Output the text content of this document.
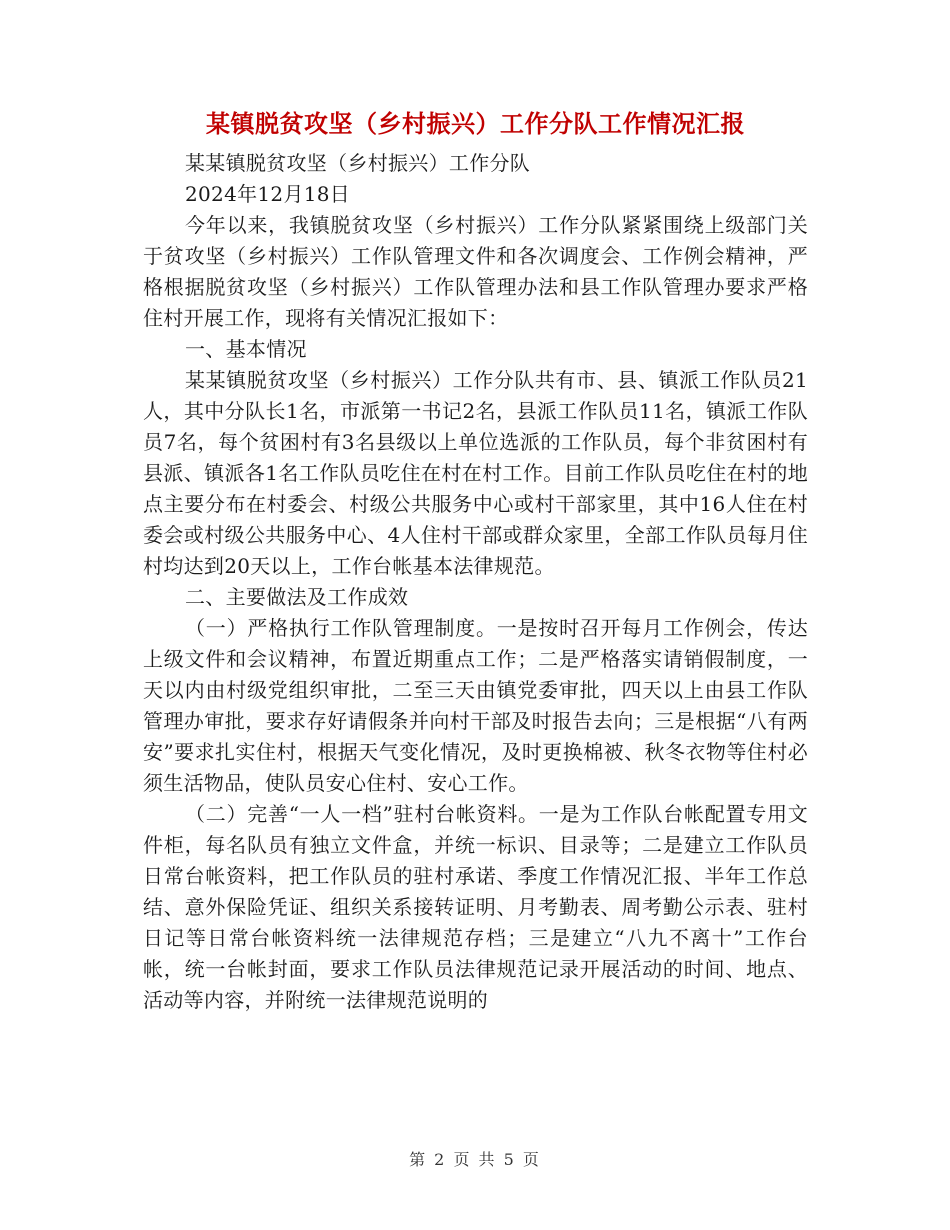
某镇脱贫攻坚（乡村振兴）工作分队工作情况汇报

某某镇脱贫攻坚（乡村振兴）工作分队

2024年12月18日

今年以来，我镇脱贫攻坚（乡村振兴）工作分队紧紧围绕上级部门关于贫攻坚（乡村振兴）工作队管理文件和各次调度会、工作例会精神，严格根据脱贫攻坚（乡村振兴）工作队管理办法和县工作队管理办要求严格住村开展工作，现将有关情况汇报如下：

一、基本情况

某某镇脱贫攻坚（乡村振兴）工作分队共有市、县、镇派工作队员21人，其中分队长1名，市派第一书记2名，县派工作队员11名，镇派工作队员7名，每个贫困村有3名县级以上单位选派的工作队员，每个非贫困村有县派、镇派各1名工作队员吃住在村在村工作。目前工作队员吃住在村的地点主要分布在村委会、村级公共服务中心或村干部家里，其中16人住在村委会或村级公共服务中心、4人住村干部或群众家里，全部工作队员每月住村均达到20天以上，工作台帐基本法律规范。

二、主要做法及工作成效

（一）严格执行工作队管理制度。一是按时召开每月工作例会，传达上级文件和会议精神，布置近期重点工作；二是严格落实请销假制度，一天以内由村级党组织审批，二至三天由镇党委审批，四天以上由县工作队管理办审批，要求存好请假条并向村干部及时报告去向；三是根据“八有两安”要求扎实住村，根据天气变化情况，及时更换棉被、秋冬衣物等住村必须生活物品，使队员安心住村、安心工作。

（二）完善“一人一档”驻村台帐资料。一是为工作队台帐配置专用文件柜，每名队员有独立文件盒，并统一标识、目录等；二是建立工作队员日常台帐资料，把工作队员的驻村承诺、季度工作情况汇报、半年工作总结、意外保险凭证、组织关系接转证明、月考勤表、周考勤公示表、驻村日记等日常台帐资料统一法律规范存档；三是建立“八九不离十”工作台帐，统一台帐封面，要求工作队员法律规范记录开展活动的时间、地点、活动等内容，并附统一法律规范说明的

第 2 页 共 5 页
